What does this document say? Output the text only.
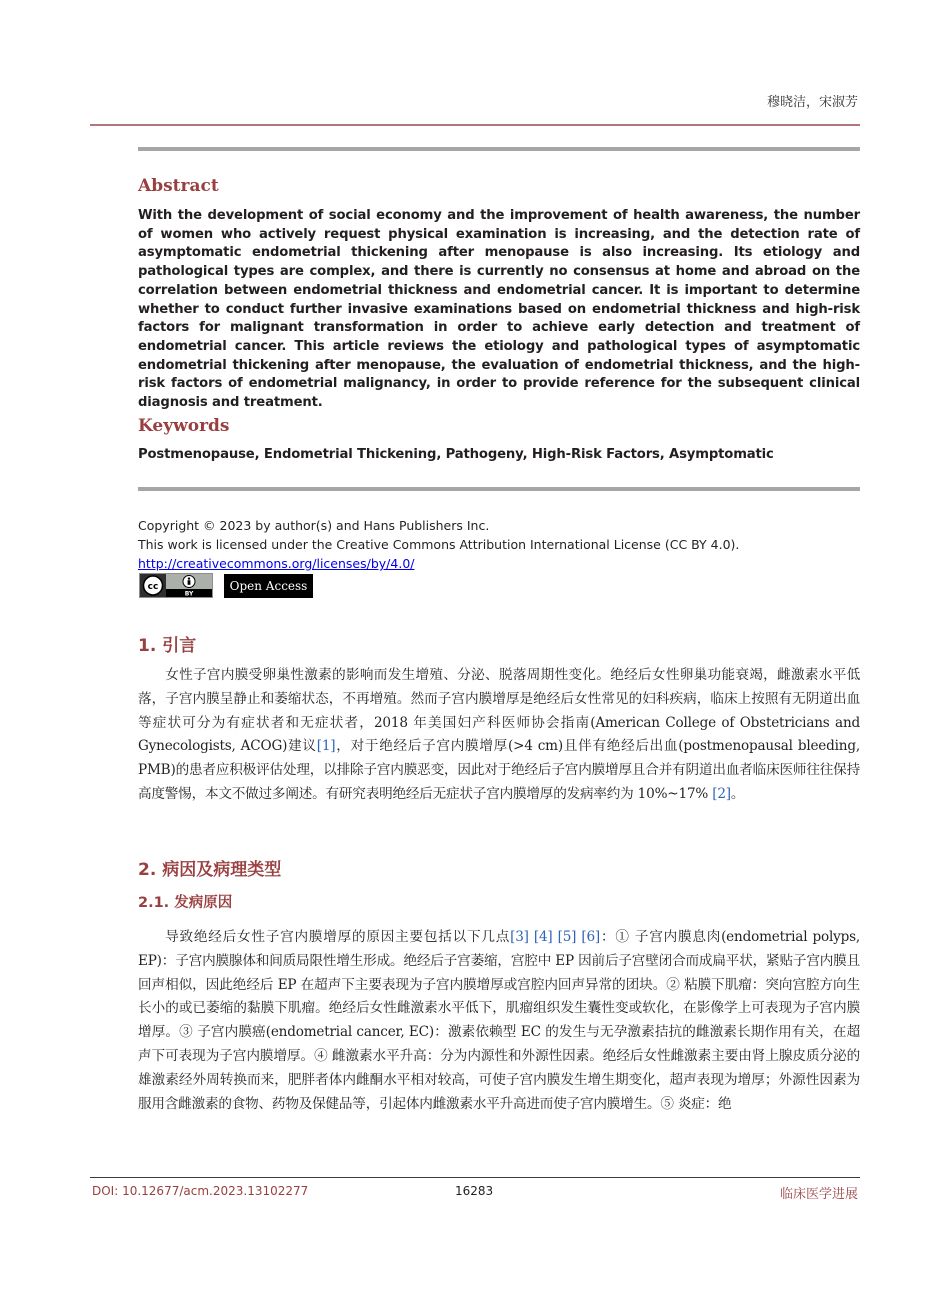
穆晓洁，宋淑芳
Abstract
With the development of social economy and the improvement of health awareness, the number of women who actively request physical examination is increasing, and the detection rate of asymptomatic endometrial thickening after menopause is also increasing. Its etiology and pathological types are complex, and there is currently no consensus at home and abroad on the correlation between endometrial thickness and endometrial cancer. It is important to determine whether to conduct further invasive examinations based on endometrial thickness and high-risk factors for malignant transformation in order to achieve early detection and treatment of endometrial cancer. This article reviews the etiology and pathological types of asymptomatic endometrial thickening after menopause, the evaluation of endometrial thickness, and the high-risk factors of endometrial malignancy, in order to provide reference for the subsequent clinical diagnosis and treatment.
Keywords
Postmenopause, Endometrial Thickening, Pathogeny, High-Risk Factors, Asymptomatic
Copyright © 2023 by author(s) and Hans Publishers Inc.
This work is licensed under the Creative Commons Attribution International License (CC BY 4.0).
http://creativecommons.org/licenses/by/4.0/
cc
BY
Open Access
1. 引言
女性子宫内膜受卵巢性激素的影响而发生增殖、分泌、脱落周期性变化。绝经后女性卵巢功能衰竭，雌激素水平低落，子宫内膜呈静止和萎缩状态，不再增殖。然而子宫内膜增厚是绝经后女性常见的妇科疾病，临床上按照有无阴道出血等症状可分为有症状者和无症状者，2018 年美国妇产科医师协会指南(American College of Obstetricians and Gynecologists, ACOG)建议[1]，对于绝经后子宫内膜增厚(>4 cm)且伴有绝经后出血(postmenopausal bleeding, PMB)的患者应积极评估处理，以排除子宫内膜恶变，因此对于绝经后子宫内膜增厚且合并有阴道出血者临床医师往往保持高度警惕，本文不做过多阐述。有研究表明绝经后无症状子宫内膜增厚的发病率约为 10%~17% [2]。
2. 病因及病理类型
2.1. 发病原因
导致绝经后女性子宫内膜增厚的原因主要包括以下几点[3] [4] [5] [6]：① 子宫内膜息肉(endometrial polyps, EP)：子宫内膜腺体和间质局限性增生形成。绝经后子宫萎缩，宫腔中 EP 因前后子宫壁闭合而成扁平状，紧贴子宫内膜且回声相似，因此绝经后 EP 在超声下主要表现为子宫内膜增厚或宫腔内回声异常的团块。② 粘膜下肌瘤：突向宫腔方向生长小的或已萎缩的黏膜下肌瘤。绝经后女性雌激素水平低下，肌瘤组织发生囊性变或软化，在影像学上可表现为子宫内膜增厚。③ 子宫内膜癌(endometrial cancer, EC)：激素依赖型 EC 的发生与无孕激素拮抗的雌激素长期作用有关，在超声下可表现为子宫内膜增厚。④ 雌激素水平升高：分为内源性和外源性因素。绝经后女性雌激素主要由肾上腺皮质分泌的雄激素经外周转换而来，肥胖者体内雌酮水平相对较高，可使子宫内膜发生增生期变化，超声表现为增厚；外源性因素为服用含雌激素的食物、药物及保健品等，引起体内雌激素水平升高进而使子宫内膜增生。⑤ 炎症：绝
DOI: 10.12677/acm.2023.13102277	16283	临床医学进展
